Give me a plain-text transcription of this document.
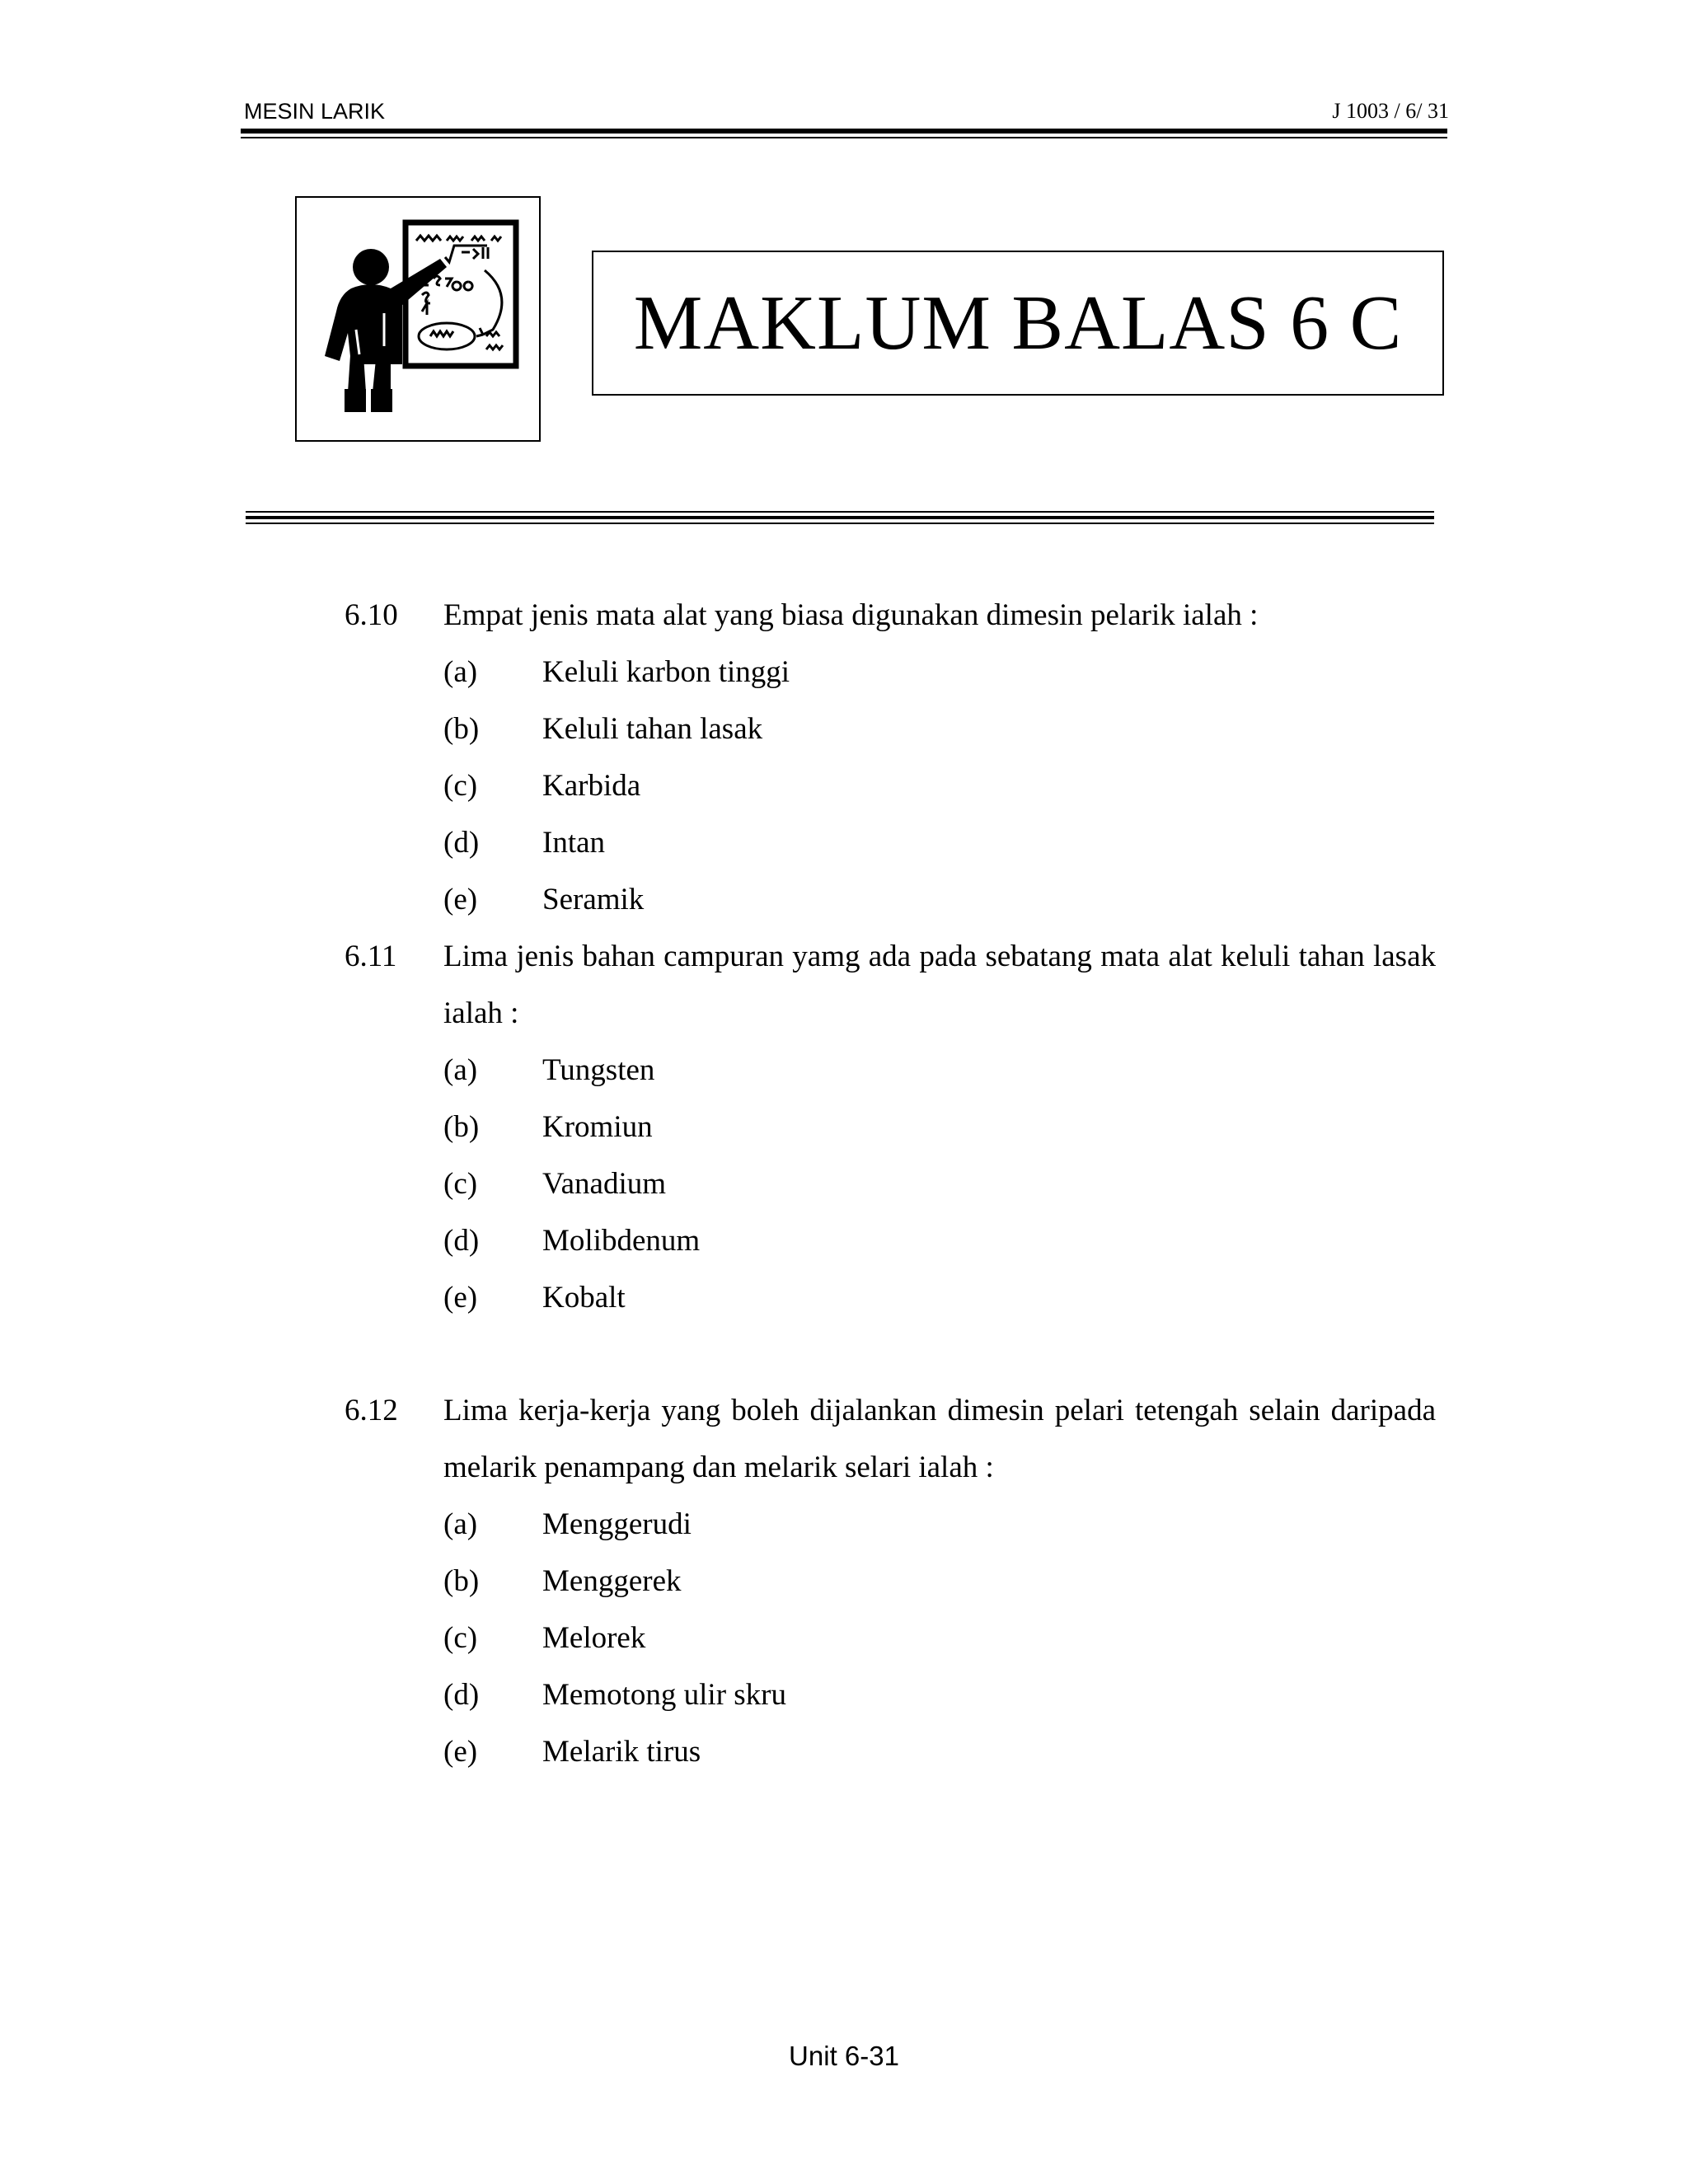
MESIN LARIK	J 1003 / 6/ 31
MAKLUM BALAS 6 C
6.10 Empat jenis mata alat yang biasa digunakan dimesin pelarik ialah :
(a)	Keluli karbon tinggi
(b)	Keluli tahan lasak
(c)	Karbida
(d)	Intan
(e)	Seramik
6.11 Lima jenis bahan campuran yamg ada pada sebatang mata alat keluli tahan lasak ialah :
(a)	Tungsten
(b)	Kromiun
(c)	Vanadium
(d)	Molibdenum
(e)	Kobalt
6.12 Lima kerja-kerja yang boleh dijalankan dimesin pelari tetengah selain daripada melarik penampang dan melarik selari ialah :
(a)	Menggerudi
(b)	Menggerek
(c)	Melorek
(d)	Memotong ulir skru
(e)	Melarik tirus
Unit 6-31
